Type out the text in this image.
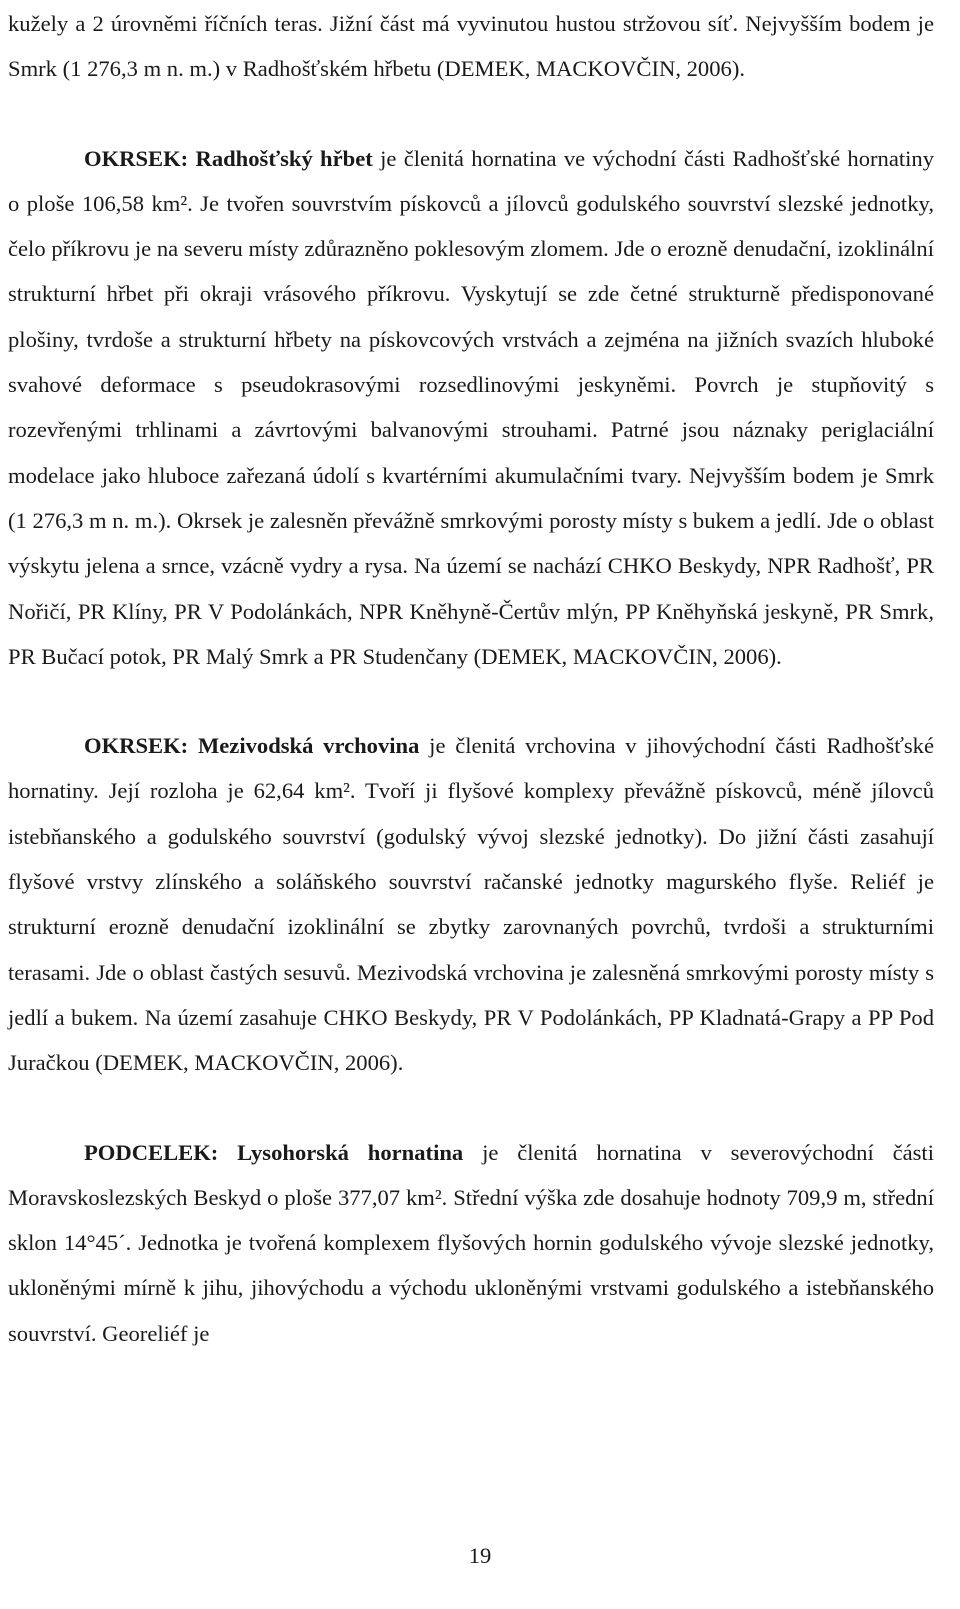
kužely a 2 úrovněmi říčních teras. Jižní část má vyvinutou hustou stržovou síť. Nejvyšším bodem je Smrk (1 276,3 m n. m.) v Radhošťském hřbetu (DEMEK, MACKOVČIN, 2006).

OKRSEK: Radhošťský hřbet je členitá hornatina ve východní části Radhošťské hornatiny o ploše 106,58 km². Je tvořen souvrstvím pískovců a jílovců godulského souvrství slezské jednotky, čelo příkrovu je na severu místy zdůrazněno poklesovým zlomem. Jde o erozně denudační, izoklinální strukturní hřbet při okraji vrásového příkrovu. Vyskytují se zde četné strukturně předisponované plošiny, tvrdoše a strukturní hřbety na pískovcových vrstvách a zejména na jižních svazích hluboké svahové deformace s pseudokrasovými rozsedlinovými jeskyněmi. Povrch je stupňovitý s rozevřenými trhlinami a závrtovými balvanovými strouhami. Patrné jsou náznaky periglaciální modelace jako hluboce zařezaná údolí s kvartérními akumulačními tvary. Nejvyšším bodem je Smrk (1 276,3 m n. m.). Okrsek je zalesněn převážně smrkovými porosty místy s bukem a jedlí. Jde o oblast výskytu jelena a srnce, vzácně vydry a rysa. Na území se nachází CHKO Beskydy, NPR Radhošť, PR Nořičí, PR Klíny, PR V Podolánkách, NPR Kněhyně-Čertův mlýn, PP Kněhyňská jeskyně, PR Smrk, PR Bučací potok, PR Malý Smrk a PR Studenčany (DEMEK, MACKOVČIN, 2006).

OKRSEK: Mezivodská vrchovina je členitá vrchovina v jihovýchodní části Radhošťské hornatiny. Její rozloha je 62,64 km². Tvoří ji flyšové komplexy převážně pískovců, méně jílovců istebňanského a godulského souvrství (godulský vývoj slezské jednotky). Do jižní části zasahují flyšové vrstvy zlínského a soláňského souvrství račanské jednotky magurského flyše. Reliéf je strukturní erozně denudační izoklinální se zbytky zarovnaných povrchů, tvrdoši a strukturními terasami. Jde o oblast častých sesuvů. Mezivodská vrchovina je zalesněná smrkovými porosty místy s jedlí a bukem. Na území zasahuje CHKO Beskydy, PR V Podolánkách, PP Kladnatá-Grapy a PP Pod Juračkou (DEMEK, MACKOVČIN, 2006).

PODCELEK: Lysohorská hornatina je členitá hornatina v severovýchodní části Moravskoslezských Beskyd o ploše 377,07 km². Střední výška zde dosahuje hodnoty 709,9 m, střední sklon 14°45´. Jednotka je tvořená komplexem flyšových hornin godulského vývoje slezské jednotky, ukloněnými mírně k jihu, jihovýchodu a východu ukloněnými vrstvami godulského a istebňanského souvrství. Georeliéf je

19
